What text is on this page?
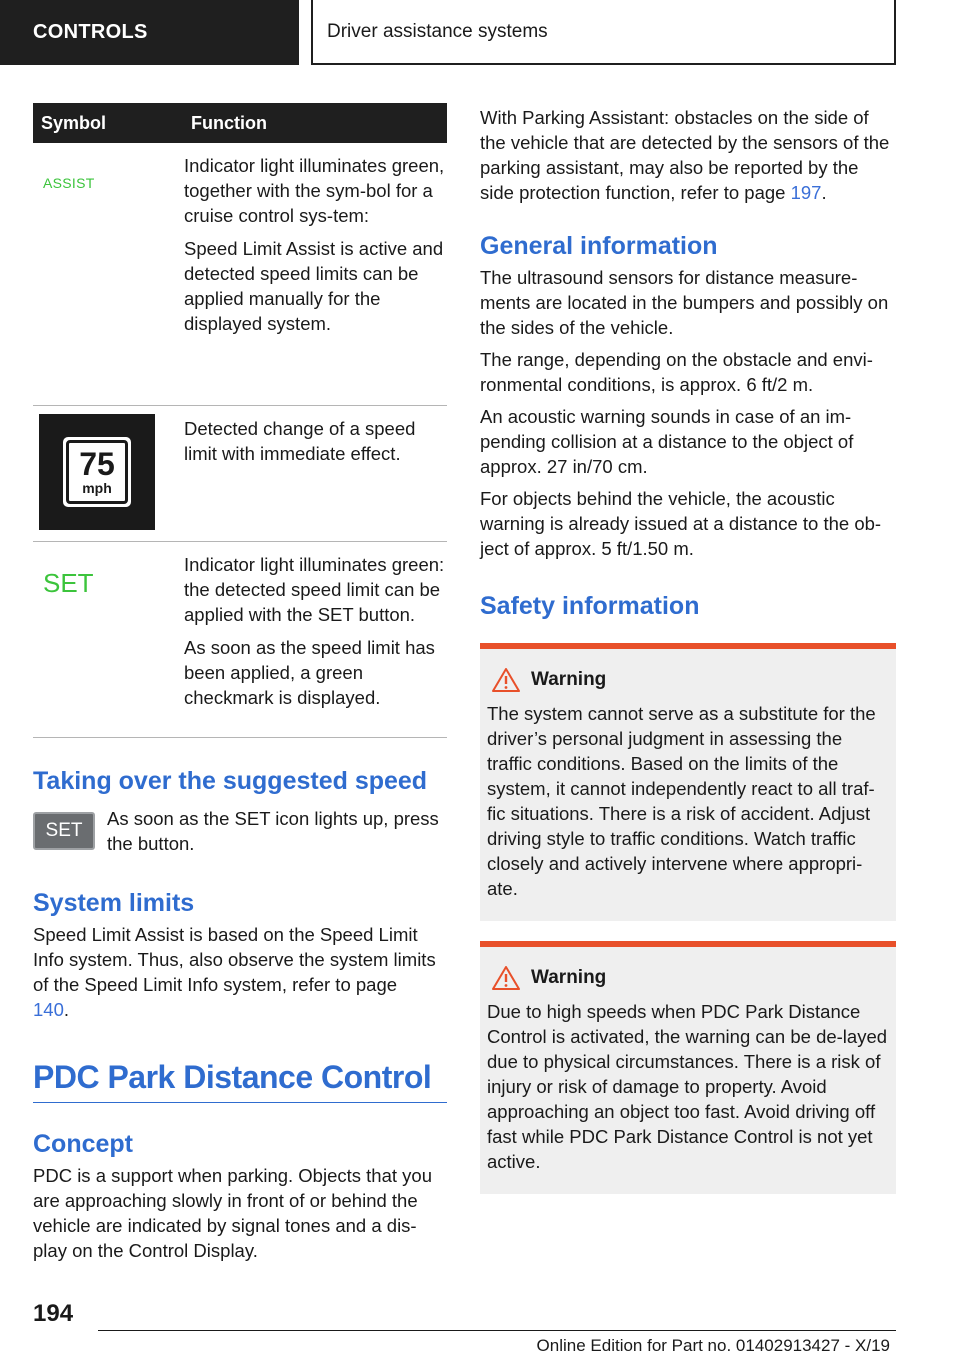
CONTROLS	Driver assistance systems
Symbol	Function

ASSIST	Indicator light illuminates green, together with the sym-bol for a cruise control sys-tem:

Speed Limit Assist is active and detected speed limits can be applied manually for the displayed system.

75
mph	Detected change of a speed limit with immediate effect.

SET	Indicator light illuminates green: the detected speed limit can be applied with the SET button.

As soon as the speed limit has been applied, a green checkmark is displayed.

Taking over the suggested speed
SET

As soon as the SET icon lights up, press the button.

System limits

Speed Limit Assist is based on the Speed Limit Info system. Thus, also observe the system limits of the Speed Limit Info system, refer to page
140.

PDC Park Distance Control
Concept

PDC is a support when parking. Objects that you are approaching slowly in front of or behind the vehicle are indicated by signal tones and a dis-play on the Control Display.

With Parking Assistant: obstacles on the side of the vehicle that are detected by the sensors of the parking assistant, may also be reported by the side protection function, refer to page 197.

General information

The ultrasound sensors for distance measure-ments are located in the bumpers and possibly on the sides of the vehicle.

The range, depending on the obstacle and envi-ronmental conditions, is approx. 6 ft/2 m.

An acoustic warning sounds in case of an im-pending collision at a distance to the object of approx. 27 in/70 cm.

For objects behind the vehicle, the acoustic warning is already issued at a distance to the ob-ject of approx. 5 ft/1.50 m.

Safety information
Warning

The system cannot serve as a substitute for the driver’s personal judgment in assessing the traffic conditions. Based on the limits of the system, it cannot independently react to all traf-fic situations. There is a risk of accident. Adjust driving style to traffic conditions. Watch traffic closely and actively intervene where appropri-ate.

Warning

Due to high speeds when PDC Park Distance Control is activated, the warning can be de-layed due to physical circumstances. There is a risk of injury or risk of damage to property. Avoid approaching an object too fast. Avoid driving off fast while PDC Park Distance Control is not yet active.

194
Online Edition for Part no. 01402913427 - X/19
